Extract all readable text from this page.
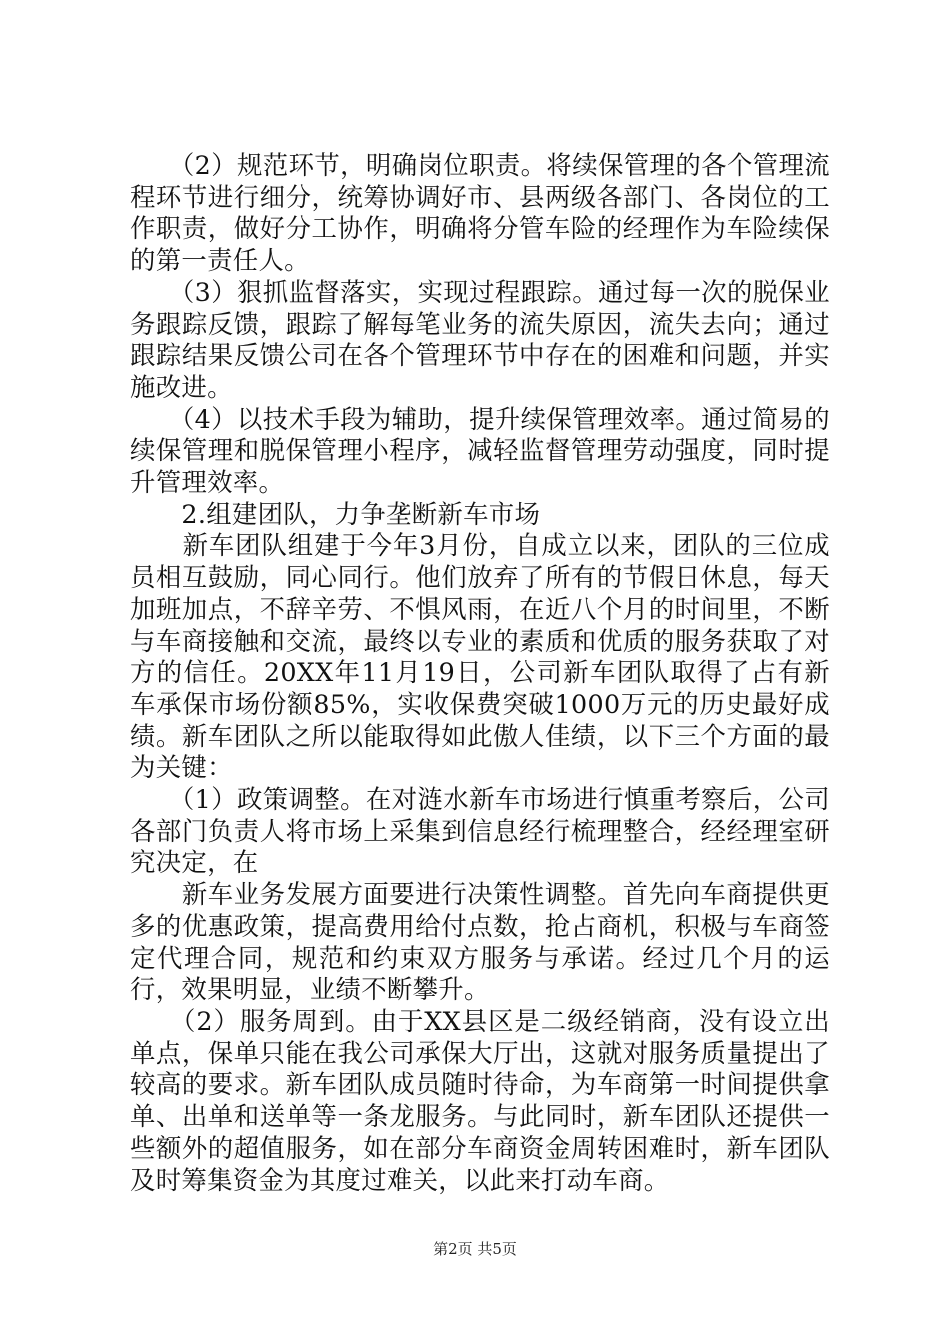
　　（2）规范环节，明确岗位职责。将续保管理的各个管理流程环节进行细分，统筹协调好市、县两级各部门、各岗位的工作职责，做好分工协作，明确将分管车险的经理作为车险续保的第一责任人。

　　（3）狠抓监督落实，实现过程跟踪。通过每一次的脱保业务跟踪反馈，跟踪了解每笔业务的流失原因，流失去向；通过跟踪结果反馈公司在各个管理环节中存在的困难和问题，并实施改进。

　　（4）以技术手段为辅助，提升续保管理效率。通过简易的续保管理和脱保管理小程序，减轻监督管理劳动强度，同时提升管理效率。

　　2.组建团队，力争垄断新车市场

　　新车团队组建于今年3月份，自成立以来，团队的三位成员相互鼓励，同心同行。他们放弃了所有的节假日休息，每天加班加点，不辞辛劳、不惧风雨，在近八个月的时间里，不断与车商接触和交流，最终以专业的素质和优质的服务获取了对方的信任。20XX年11月19日，公司新车团队取得了占有新车承保市场份额85%，实收保费突破1000万元的历史最好成绩。新车团队之所以能取得如此傲人佳绩，以下三个方面的最为关键：

　　（1）政策调整。在对涟水新车市场进行慎重考察后，公司各部门负责人将市场上采集到信息经行梳理整合，经经理室研究决定，在

　　新车业务发展方面要进行决策性调整。首先向车商提供更多的优惠政策，提高费用给付点数，抢占商机，积极与车商签定代理合同，规范和约束双方服务与承诺。经过几个月的运行，效果明显，业绩不断攀升。

　　（2）服务周到。由于XX县区是二级经销商，没有设立出单点，保单只能在我公司承保大厅出，这就对服务质量提出了较高的要求。新车团队成员随时待命，为车商第一时间提供拿单、出单和送单等一条龙服务。与此同时，新车团队还提供一些额外的超值服务，如在部分车商资金周转困难时，新车团队及时筹集资金为其度过难关，以此来打动车商。

第2页 共5页
